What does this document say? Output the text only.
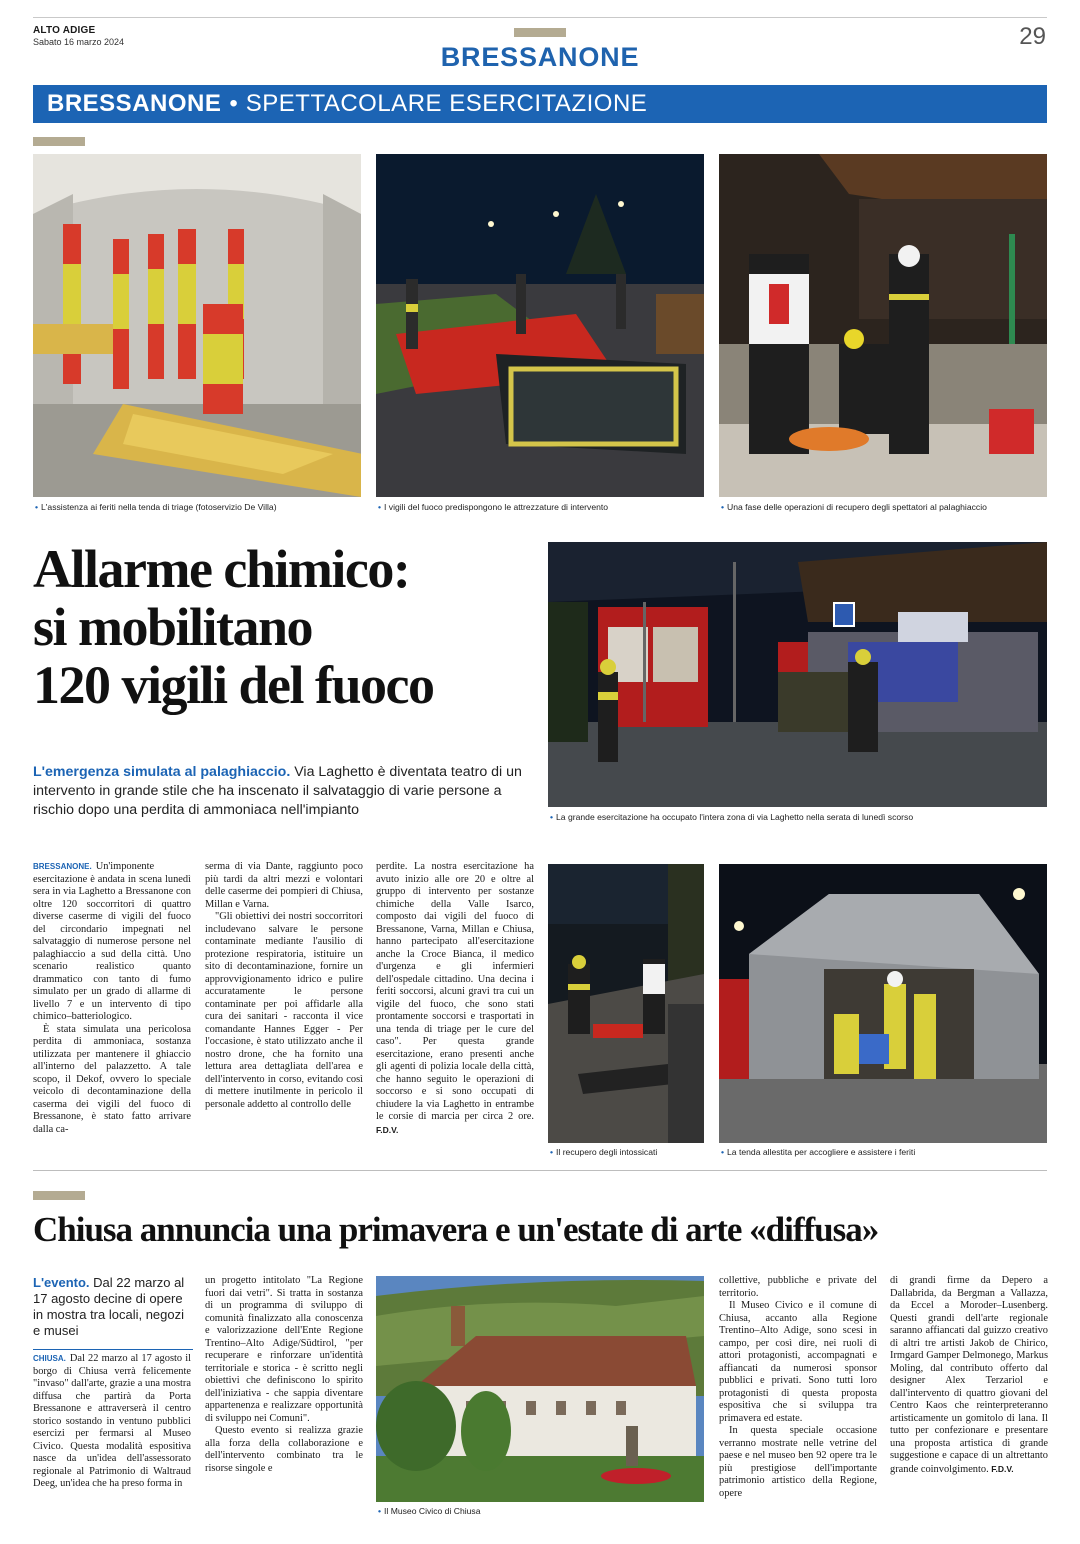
ALTO ADIGE
Sabato 16 marzo 2024	BRESSANONE
29
BRESSANONE • SPETTACOLARE ESERCITAZIONE
• L'assistenza ai feriti nella tenda di triage (fotoservizio De Villa)	• I vigili del fuoco predispongono le attrezzature di intervento	• Una fase delle operazioni di recupero degli spettatori al palaghiaccio
Allarme chimico:
si mobilitano
120 vigili del fuoco
L'emergenza simulata al palaghiaccio. Via Laghetto è diventata teatro di un intervento in grande stile che ha inscenato il salvataggio di varie persone a rischio dopo una perdita di ammoniaca nell'impianto	• La grande esercitazione ha occupato l'intera zona di via Laghetto nella serata di lunedì scorso

BRESSANONE. Un'imponente esercitazione è andata in scena lunedì sera in via Laghetto a Bressanone con oltre 120 soccorritori di quattro diverse caserme di vigili del fuoco del circondario impegnati nel salvataggio di numerose persone nel palaghiaccio a sud della città. Uno scenario realistico quanto drammatico con tanto di fumo simulato per un grado di allarme di livello 7 e un intervento di tipo chimico–batteriologico.

È stata simulata una pericolosa perdita di ammoniaca, sostanza utilizzata per mantenere il ghiaccio all'interno del palazzetto. A tale scopo, il Dekof, ovvero lo speciale veicolo di decontaminazione della caserma dei vigili del fuoco di Bressanone, è stato fatto arrivare dalla ca-

serma di via Dante, raggiunto poco più tardi da altri mezzi e volontari delle caserme dei pompieri di Chiusa, Millan e Varna.

"Gli obiettivi dei nostri soccorritori includevano salvare le persone contaminate mediante l'ausilio di protezione respiratoria, istituire un sito di decontaminazione, fornire un approvvigionamento idrico e pulire accuratamente le persone contaminate per poi affidarle alla cura dei sanitari - racconta il vice comandante Hannes Egger - Per l'occasione, è stato utilizzato anche il nostro drone, che ha fornito una lettura area dettagliata dell'area e dell'intervento in corso, evitando così di mettere inutilmente in pericolo il personale addetto al controllo delle

perdite. La nostra esercitazione ha avuto inizio alle ore 20 e oltre al gruppo di intervento per sostanze chimiche della Valle Isarco, composto dai vigili del fuoco di Bressanone, Varna, Millan e Chiusa, hanno partecipato all'esercitazione anche la Croce Bianca, il medico d'urgenza e gli infermieri dell'ospedale cittadino. Una decina i feriti soccorsi, alcuni gravi tra cui un vigile del fuoco, che sono stati prontamente soccorsi e trasportati in una tenda di triage per le cure del caso". Per questa grande esercitazione, erano presenti anche gli agenti di polizia locale della città, che hanno seguito le operazioni di soccorso e si sono occupati di chiudere la via Laghetto in entrambe le corsie di marcia per circa 2 ore. F.D.V.

• Il recupero degli intossicati	• La tenda allestita per accogliere e assistere i feriti
Chiusa annuncia una primavera e un'estate di arte «diffusa»
L'evento. Dal 22 marzo al 17 agosto decine di opere in mostra tra locali, negozi e musei

CHIUSA. Dal 22 marzo al 17 agosto il borgo di Chiusa verrà felicemente "invaso" dall'arte, grazie a una mostra diffusa che partirà da Porta Bressanone e attraverserà il centro storico sostando in ventuno pubblici esercizi per fermarsi al Museo Civico. Questa modalità espositiva nasce da un'idea dell'assessorato regionale al Patrimonio di Waltraud Deeg, un'idea che ha preso forma in

un progetto intitolato "La Regione fuori dai vetri". Si tratta in sostanza di un programma di sviluppo di comunità finalizzato alla conoscenza e valorizzazione dell'Ente Regione Trentino–Alto Adige/Südtirol, "per recuperare e rinforzare un'identità territoriale e storica - è scritto negli obiettivi che definiscono lo spirito dell'iniziativa - che sappia diventare appartenenza e realizzare opportunità di sviluppo nei Comuni".

Questo evento si realizza grazie alla forza della collaborazione e dell'intervento combinato tra le risorse singole e

• Il Museo Civico di Chiusa

collettive, pubbliche e private del territorio.

Il Museo Civico e il comune di Chiusa, accanto alla Regione Trentino–Alto Adige, sono scesi in campo, per così dire, nei ruoli di attori protagonisti, accompagnati e affiancati da numerosi sponsor pubblici e privati. Sono tutti loro protagonisti di questa proposta espositiva che si sviluppa tra primavera ed estate.

In questa speciale occasione verranno mostrate nelle vetrine del paese e nel museo ben 92 opere tra le più prestigiose dell'importante patrimonio artistico della Regione, opere

di grandi firme da Depero a Dallabrida, da Bergman a Vallazza, da Eccel a Moroder–Lusenberg. Questi grandi dell'arte regionale saranno affiancati dal guizzo creativo di altri tre artisti Jakob de Chirico, Irmgard Gamper Delmonego, Markus Moling, dal contributo offerto dal designer Alex Terzariol e dall'intervento di quattro giovani del Centro Kaos che reinterpreteranno artisticamente un gomitolo di lana. Il tutto per confezionare e presentare una proposta artistica di grande suggestione e capace di un altrettanto grande coinvolgimento. F.D.V.
